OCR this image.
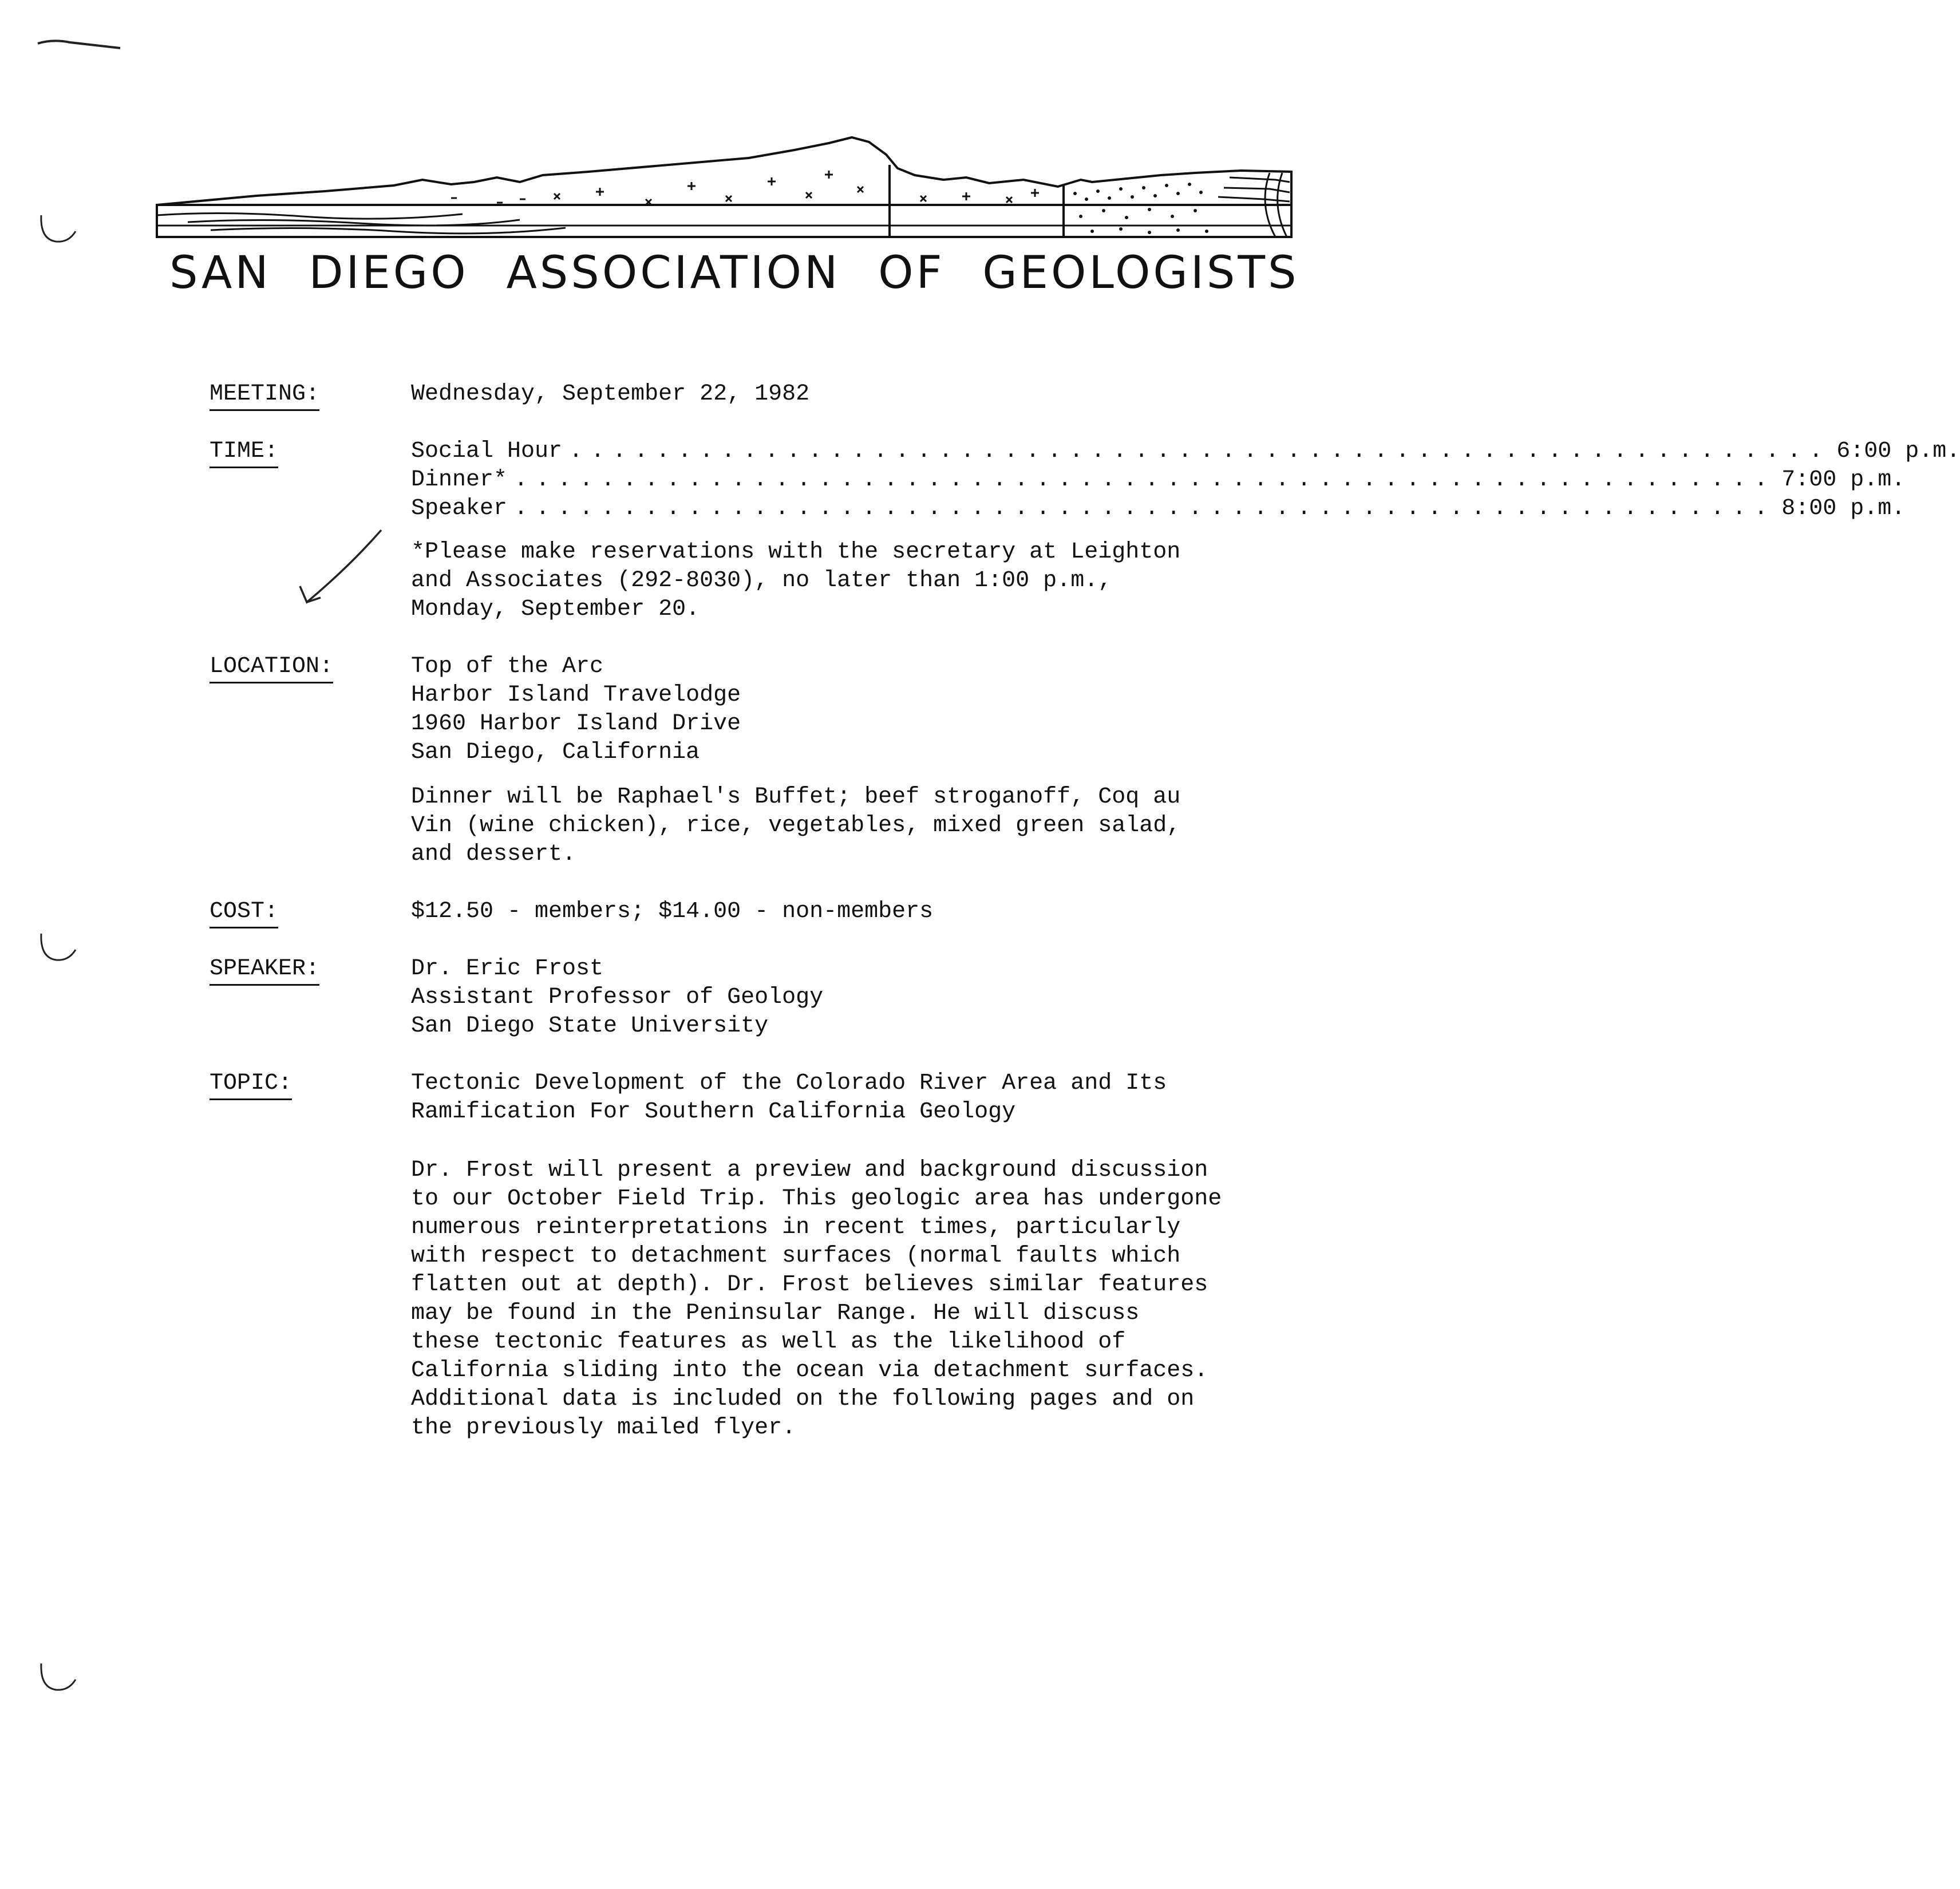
SAN DIEGO ASSOCIATION OF GEOLOGISTS
MEETING:	Wednesday, September 22, 1982
TIME:	Social Hour .......................................................... 6:00 p.m.
Dinner* .......................................................... 7:00 p.m.
Speaker .......................................................... 8:00 p.m.
*Please make reservations with the secretary at Leighton
and Associates (292-8030), no later than 1:00 p.m.,
Monday, September 20.
LOCATION:	Top of the Arc
Harbor Island Travelodge
1960 Harbor Island Drive
San Diego, California
Dinner will be Raphael's Buffet; beef stroganoff, Coq au
Vin (wine chicken), rice, vegetables, mixed green salad,
and dessert.
COST:	$12.50 - members; $14.00 - non-members
SPEAKER:	Dr. Eric Frost
Assistant Professor of Geology
San Diego State University
TOPIC:	Tectonic Development of the Colorado River Area and Its
Ramification For Southern California Geology
Dr. Frost will present a preview and background discussion
to our October Field Trip. This geologic area has undergone
numerous reinterpretations in recent times, particularly
with respect to detachment surfaces (normal faults which
flatten out at depth). Dr. Frost believes similar features
may be found in the Peninsular Range. He will discuss
these tectonic features as well as the likelihood of
California sliding into the ocean via detachment surfaces.
Additional data is included on the following pages and on
the previously mailed flyer.
